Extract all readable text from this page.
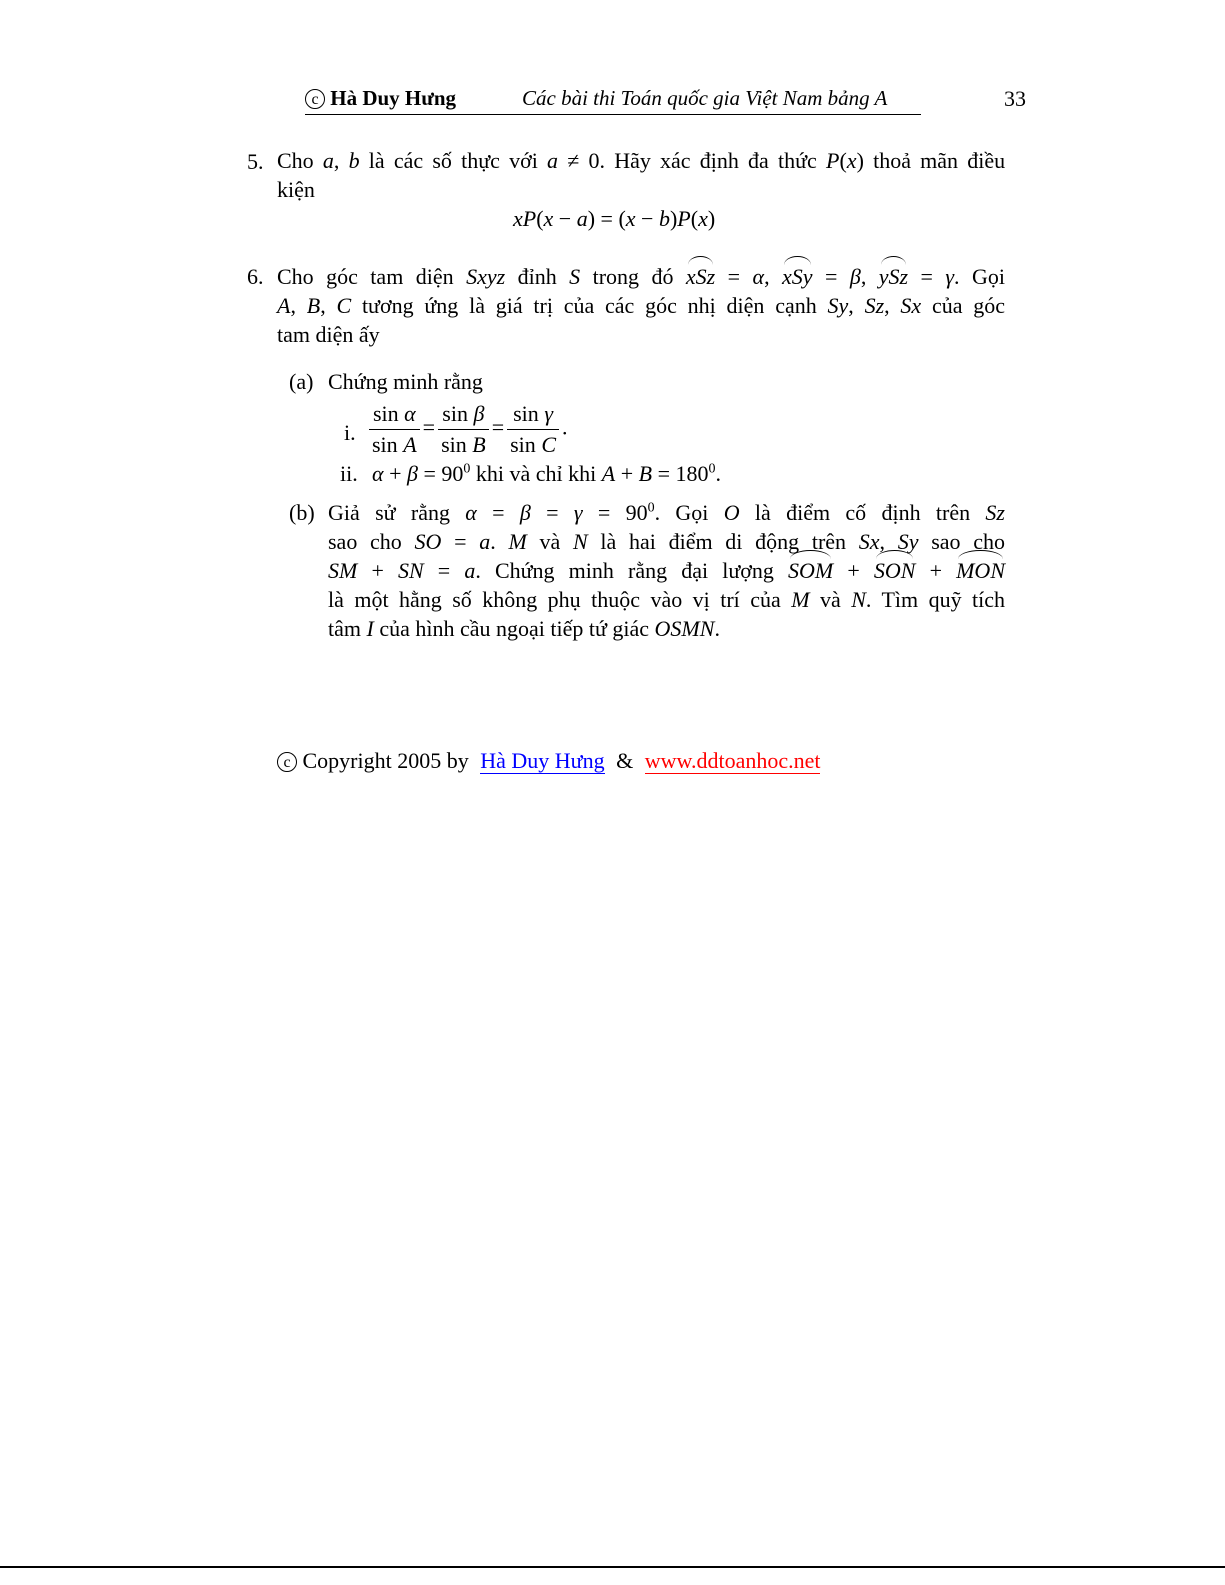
c Hà Duy Hưng	Các bài thi Toán quốc gia Việt Nam bảng A	33
5. Cho a, b là các số thực với a ≠ 0. Hãy xác định đa thức P(x) thoả mãn điều
kiện
xP(x − a) = (x − b)P(x)
6. Cho góc tam diện Sxyz đỉnh S trong đó xSz = α, xSy = β, ySz = γ. Gọi
A, B, C tương ứng là giá trị của các góc nhị diện cạnh Sy, Sz, Sx của góc
tam diện ấy
(a) Chứng minh rằng
i. $\frac{\text{sin α}}{\text{sin A}} = \frac{\text{sin β}}{\text{sin B}} = \frac{\text{sin γ}}{\text{sin C}}$ .
ii. $\alpha + \beta = 90^0$ khi và chỉ khi $A + B = 180^0$.
(b) Giả sử rằng $\alpha = \beta = \gamma = 90^0$. Gọi O là điểm cố định trên Sz
sao cho SO = a. M và N là hai điểm di động trên Sx, Sy sao cho
SM + SN = a. Chứng minh rằng đại lượng SOM + SON + MON
là một hằng số không phụ thuộc vào vị trí của M và N. Tìm quỹ tích
tâm I của hình cầu ngoại tiếp tứ giác OSMN.
c Copyright 2005 by Hà Duy Hưng & www.ddtoanhoc.net
